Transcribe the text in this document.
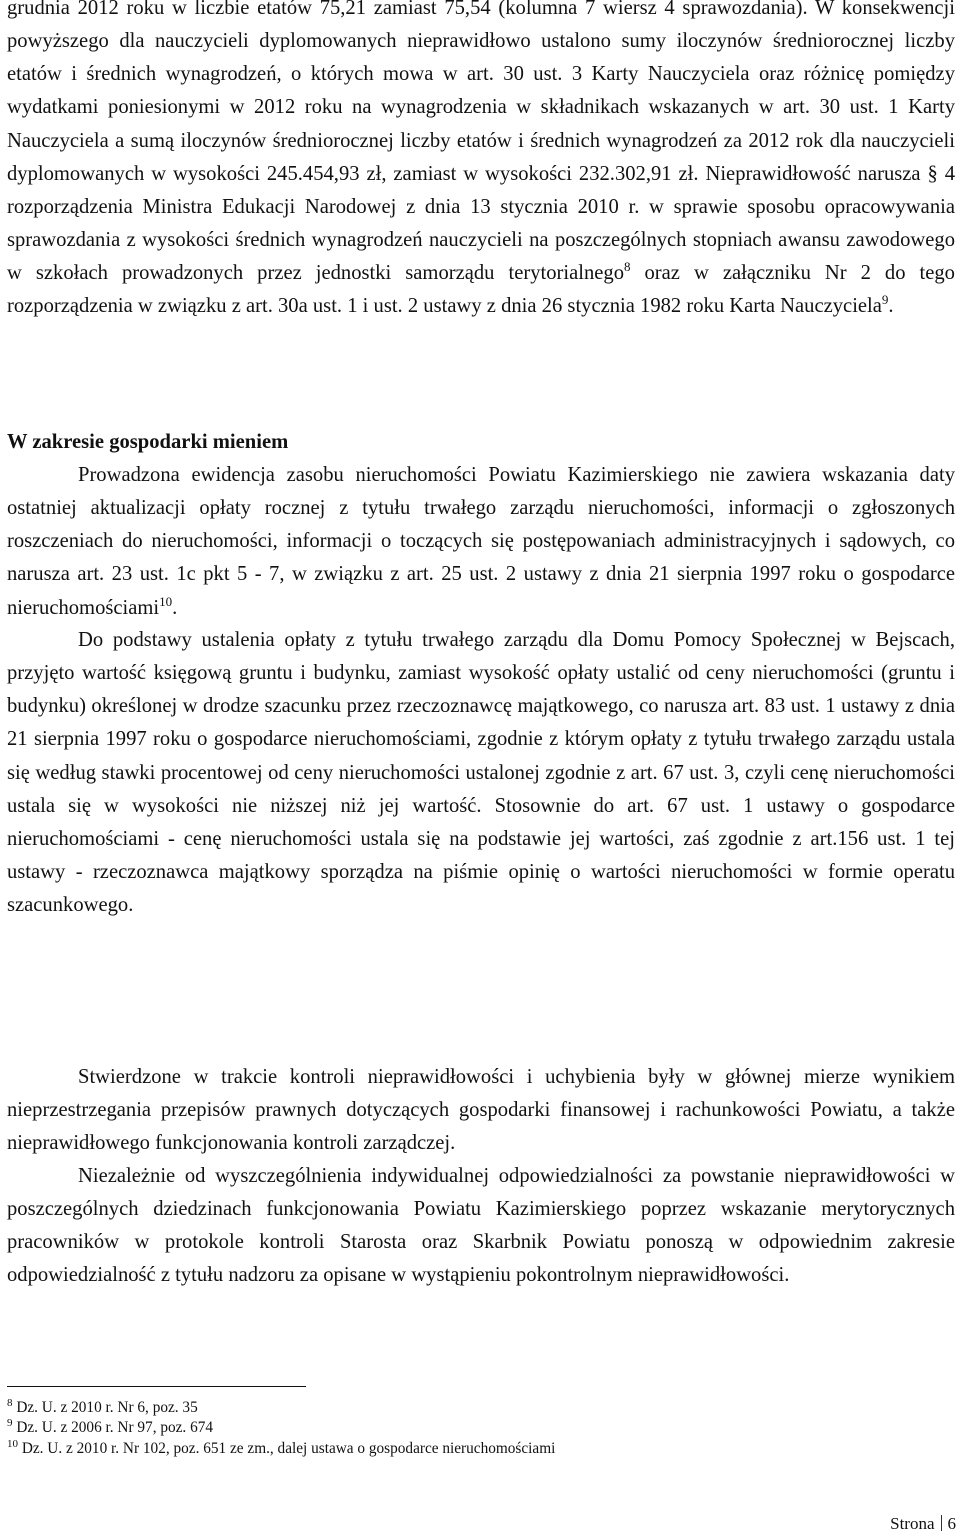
grudnia 2012 roku w liczbie etatów 75,21 zamiast 75,54 (kolumna 7 wiersz 4 sprawozdania). W konsekwencji powyższego dla nauczycieli dyplomowanych nieprawidłowo ustalono sumy iloczynów średniorocznej liczby etatów i średnich wynagrodzeń, o których mowa w art. 30 ust. 3 Karty Nauczyciela oraz różnicę pomiędzy wydatkami poniesionymi w 2012 roku na wynagrodzenia w składnikach wskazanych w art. 30 ust. 1 Karty Nauczyciela a sumą iloczynów średniorocznej liczby etatów i średnich wynagrodzeń za 2012 rok dla nauczycieli dyplomowanych w wysokości 245.454,93 zł, zamiast w wysokości 232.302,91 zł. Nieprawidłowość narusza § 4 rozporządzenia Ministra Edukacji Narodowej z dnia 13 stycznia 2010 r. w sprawie sposobu opracowywania sprawozdania z wysokości średnich wynagrodzeń nauczycieli na poszczególnych stopniach awansu zawodowego w szkołach prowadzonych przez jednostki samorządu terytorialnego$^8$ oraz w załączniku Nr 2 do tego rozporządzenia w związku z art. 30a ust. 1 i ust. 2 ustawy z dnia 26 stycznia 1982 roku Karta Nauczyciela$^9$.

W zakresie gospodarki mieniem

Prowadzona ewidencja zasobu nieruchomości Powiatu Kazimierskiego nie zawiera wskazania daty ostatniej aktualizacji opłaty rocznej z tytułu trwałego zarządu nieruchomości, informacji o zgłoszonych roszczeniach do nieruchomości, informacji o toczących się postępowaniach administracyjnych i sądowych, co narusza art. 23 ust. 1c pkt 5 - 7, w związku z art. 25 ust. 2 ustawy z dnia 21 sierpnia 1997 roku o gospodarce nieruchomościami$^{10}$.

Do podstawy ustalenia opłaty z tytułu trwałego zarządu dla Domu Pomocy Społecznej w Bejscach, przyjęto wartość księgową gruntu i budynku, zamiast wysokość opłaty ustalić od ceny nieruchomości (gruntu i budynku) określonej w drodze szacunku przez rzeczoznawcę majątkowego, co narusza art. 83 ust. 1 ustawy z dnia 21 sierpnia 1997 roku o gospodarce nieruchomościami, zgodnie z którym opłaty z tytułu trwałego zarządu ustala się według stawki procentowej od ceny nieruchomości ustalonej zgodnie z art. 67 ust. 3, czyli cenę nieruchomości ustala się w wysokości nie niższej niż jej wartość. Stosownie do art. 67 ust. 1 ustawy o gospodarce nieruchomościami - cenę nieruchomości ustala się na podstawie jej wartości, zaś zgodnie z art.156 ust. 1 tej ustawy - rzeczoznawca majątkowy sporządza na piśmie opinię o wartości nieruchomości w formie operatu szacunkowego.

Stwierdzone w trakcie kontroli nieprawidłowości i uchybienia były w głównej mierze wynikiem nieprzestrzegania przepisów prawnych dotyczących gospodarki finansowej i rachunkowości Powiatu, a także nieprawidłowego funkcjonowania kontroli zarządczej.

Niezależnie od wyszczególnienia indywidualnej odpowiedzialności za powstanie nieprawidłowości w poszczególnych dziedzinach funkcjonowania Powiatu Kazimierskiego poprzez wskazanie merytorycznych pracowników w protokole kontroli Starosta oraz Skarbnik Powiatu ponoszą w odpowiednim zakresie odpowiedzialność z tytułu nadzoru za opisane w wystąpieniu pokontrolnym nieprawidłowości.

$^8$ Dz. U. z 2010 r. Nr 6, poz. 35

$^9$ Dz. U. z 2006 r. Nr 97, poz. 674

$^{10}$ Dz. U. z 2010 r. Nr 102, poz. 651 ze zm., dalej ustawa o gospodarce nieruchomościami

Strona 6
